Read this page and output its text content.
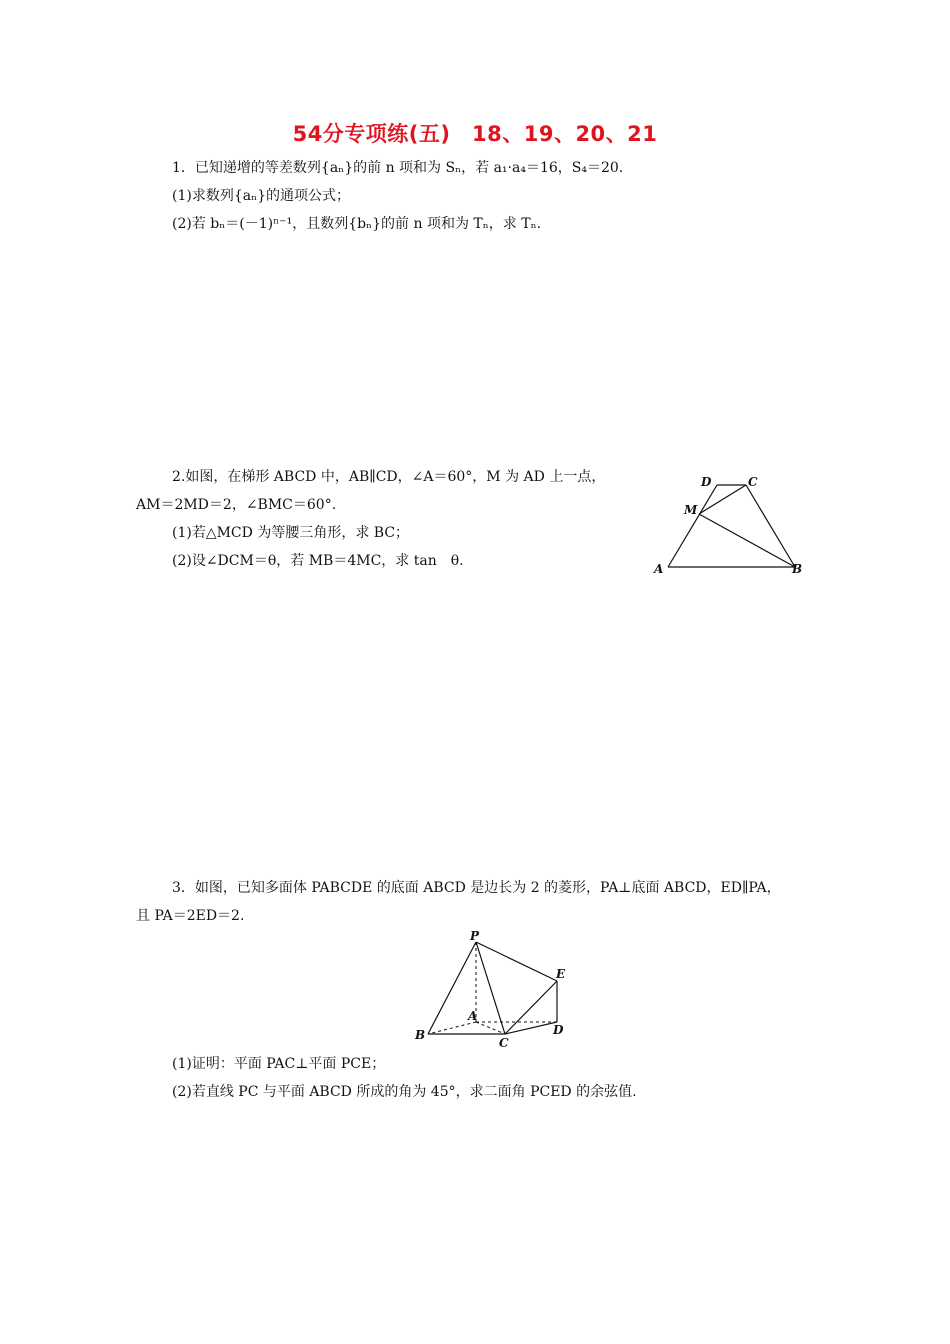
54分专项练(五)　18、19、20、21
1．已知递增的等差数列{aₙ}的前 n 项和为 Sₙ，若 a₁·a₄＝16，S₄＝20.
(1)求数列{aₙ}的通项公式；
(2)若 bₙ＝(－1)ⁿ⁻¹，且数列{bₙ}的前 n 项和为 Tₙ，求 Tₙ.
2.如图，在梯形 ABCD 中，AB∥CD，∠A＝60°，M 为 AD 上一点，
AM＝2MD＝2，∠BMC＝60°.
(1)若△MCD 为等腰三角形，求 BC；
(2)设∠DCM＝θ，若 MB＝4MC，求 tan　θ.	A	B
C
D
M
3．如图，已知多面体 PABCDE 的底面 ABCD 是边长为 2 的菱形，PA⊥底面 ABCD，ED∥PA，
且 PA＝2ED＝2.
P
A
B
C
D
E
(1)证明：平面 PAC⊥平面 PCE；
(2)若直线 PC 与平面 ABCD 所成的角为 45°，求二面角 PCED 的余弦值.
